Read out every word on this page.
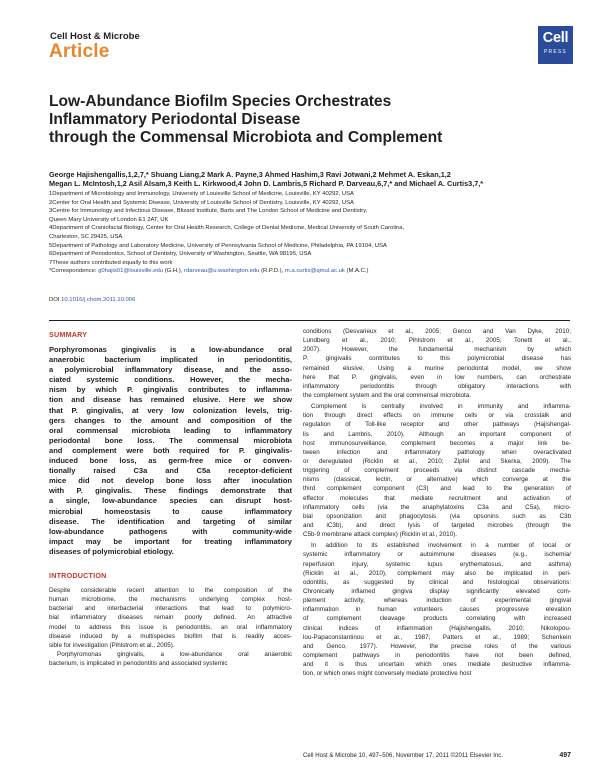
Cell Host & Microbe
Article
Cell
PRESS
Low-Abundance Biofilm Species Orchestrates
Inflammatory Periodontal Disease
through the Commensal Microbiota and Complement
George Hajishengallis,1,2,7,* Shuang Liang,2 Mark A. Payne,3 Ahmed Hashim,3 Ravi Jotwani,2 Mehmet A. Eskan,1,2
Megan L. McIntosh,1,2 Asil Alsam,3 Keith L. Kirkwood,4 John D. Lambris,5 Richard P. Darveau,6,7,* and Michael A. Curtis3,7,*
1Department of Microbiology and Immunology, University of Louisville School of Medicine, Louisville, KY 40292, USA
2Center for Oral Health and Systemic Disease, University of Louisville School of Dentistry, Louisville, KY 40292, USA
3Centre for Immunology and Infectious Disease, Blizard Institute, Barts and The London School of Medicine and Dentistry,
Queen Mary University of London E1 2AT, UK
4Department of Craniofacial Biology, Center for Oral Health Research, College of Dental Medicine, Medical University of South Carolina,
Charleston, SC 29425, USA
5Department of Pathology and Laboratory Medicine, University of Pennsylvania School of Medicine, Philadelphia, PA 19104, USA
6Department of Periodontics, School of Dentistry, University of Washington, Seattle, WA 98195, USA
7These authors contributed equally to this work
*Correspondence: g0hajis01@louisville.edu (G.H.), rdarveau@u.washington.edu (R.P.D.), m.a.curtis@qmul.ac.uk (M.A.C.)
DOI 10.1016/j.chom.2011.10.006
SUMMARY
Porphyromonas gingivalis is a low-abundance oral
anaerobic bacterium implicated in periodontitis,
a polymicrobial inflammatory disease, and the asso-
ciated systemic conditions. However, the mecha-
nism by which P. gingivalis contributes to inflamma-
tion and disease has remained elusive. Here we show
that P. gingivalis, at very low colonization levels, trig-
gers changes to the amount and composition of the
oral commensal microbiota leading to inflammatory
periodontal bone loss. The commensal microbiota
and complement were both required for P. gingivalis-
induced bone loss, as germ-free mice or conven-
tionally raised C3a and C5a receptor-deficient
mice did not develop bone loss after inoculation
with P. gingivalis. These findings demonstrate that
a single, low-abundance species can disrupt host-
microbial homeostasis to cause inflammatory
disease. The identification and targeting of similar
low-abundance pathogens with community-wide
impact may be important for treating inflammatory
diseases of polymicrobial etiology.
INTRODUCTION
Despite considerable recent attention to the composition of the
human microbiome, the mechanisms underlying complex host-
bacterial and interbacterial interactions that lead to polymicro-
bial inflammatory diseases remain poorly defined. An attractive
model to address this issue is periodontitis, an oral inflammatory
disease induced by a multispecies biofilm that is readily acces-
sible for investigation (Pihlstrom et al., 2005).
Porphyromonas gingivalis, a low-abundance oral anaerobic
bacterium, is implicated in periodontitis and associated systemic
conditions (Desvarieux et al., 2005; Genco and Van Dyke, 2010;
Lundberg et al., 2010; Pihlstrom et al., 2005; Tonetti et al.,
2007). However, the fundamental mechanism by which
P. gingivalis contributes to this polymicrobial disease has
remained elusive. Using a murine periodontal model, we show
here that P. gingivalis, even in low numbers, can orchestrate
inflammatory periodontitis through obligatory interactions with
the complement system and the oral commensal microbiota.
Complement is centrally involved in immunity and inflamma-
tion through direct effects on immune cells or via crosstalk and
regulation of Toll-like receptor and other pathways (Hajishengal-
lis and Lambris, 2010). Although an important component of
host immunosurveillance, complement becomes a major link be-
tween infection and inflammatory pathology when overactivated
or deregulated (Ricklin et al., 2010; Zipfel and Skerka, 2009). The
triggering of complement proceeds via distinct cascade mecha-
nisms (classical, lectin, or alternative) which converge at the
third complement component (C3) and lead to the generation of
effector molecules that mediate recruitment and activation of
inflammatory cells (via the anaphylatoxins C3a and C5a), micro-
bial opsonization and phagocytosis (via opsonins such as C3b
and iC3b), and direct lysis of targeted microbes (through the
C5b-9 membrane attack complex) (Ricklin et al., 2010).
In addition to its established involvement in a number of local or
systemic inflammatory or autoimmune diseases (e.g., ischemia/
reperfusion injury, systemic lupus erythematosus, and asthma)
(Ricklin et al., 2010), complement may also be implicated in peri-
odontitis, as suggested by clinical and histological observations:
Chronically inflamed gingiva display significantly elevated com-
plement activity, whereas induction of experimental gingival
inflammation in human volunteers causes progressive elevation
of complement cleavage products correlating with increased
clinical indices of inflammation (Hajishengallis, 2010; Nikolopou-
lou-Papaconstantinou et al., 1987; Patters et al., 1989; Schenkein
and Genco, 1977). However, the precise roles of the various
complement pathways in periodontitis have not been defined,
and it is thus uncertain which ones mediate destructive inflamma-
tion, or which ones might conversely mediate protective host
Cell Host & Microbe 10, 497–506, November 17, 2011 ©2011 Elsevier Inc.	497
